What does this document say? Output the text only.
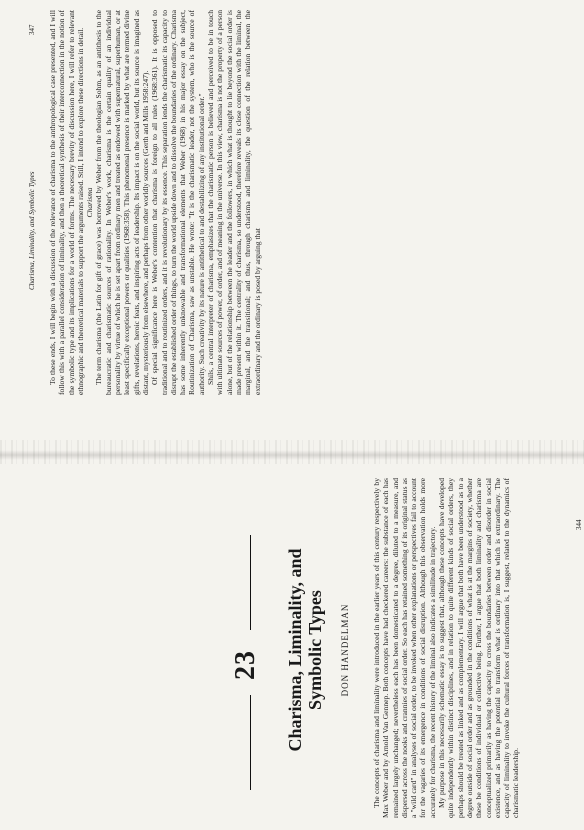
Charisma, Liminality, and Symbolic Types
347 To these ends, I will begin with a discussion of the relevance of charisma to the anthropological case presented, and I will follow this with a parallel consideration of liminality, and then a theoretical synthesis of their interconnection in the notion of the symbolic type and its implications for a world of forms. The necessary brevity of discussion here, I will refer to relevant ethnographic and theoretical materials to support the arguments raised. Still, I intend to explore these directions in detail. Charisma The term charisma (the Latin for gift of grace) was borrowed by Weber from the theologian Sohm, as an antithesis to the bureaucratic and charismatic sources of rationality. In Weber's work, charisma is the certain quality of an individual personality by virtue of which he is set apart from ordinary men and treated as endowed with supernatural, superhuman, or at least specifically exceptional powers or qualities (1968:358). This phenomenal presence is marked by what are termed divine gifts, revelations, heroic feats, and inspiring acts of leadership. Its impact is on the social world, but its source is imagined as distant, mysteriously from elsewhere, and perhaps from other worldly sources (Gerth and Mills 1958:247). Of special significance here is Weber's contention that charisma is foreign to all rules (1968:361). It is opposed to traditional and to routinized orders, and it is revolutionary by its essence. This separation lends the charismatic its capacity to disrupt the established order of things, to turn the world upside down and to dissolve the boundaries of the ordinary. Charisma has some inherently unknowable and transformational elements that Weber (1968) in his major essay on the subject, Routinization of Charisma, saw as unstable. He wrote: "It is the charismatic leader, not the system, who is the source of authority. Such creativity by its nature is antithetical to and destabilizing of any institutional order." Shils, a central interpreter of charisma, emphasizes that the charismatic person is believed and perceived to be in touch with ultimate sources of power, of order, and of meaning in the universe. In this view, charisma is not the property of a person alone, but of the relationship between the leader and the followers, in which what is thought to lie beyond the social order is made present within it. The centrality of charisma, so understood, therefore reveals its close connection with the liminal, the marginal, and the transitional; and thus, through charisma and liminality, the question of the relation between the extraordinary and the ordinary is posed by arguing that

23 Charisma, Liminality, and Symbolic Types DON HANDELMAN	The concepts of charisma and liminality were introduced in the earlier years of this century respectively by Max Weber and by Arnold Van Gennep. Both concepts have had checkered careers: the substance of each has remained largely unchanged; nevertheless each has been domesticated to a degree, diluted to a measure, and dispersed across the nooks and crannies of social order. So each has retained something of its original status as a "wild card" in analyses of social order, to be invoked when other explanations or perspectives fail to account for the vagaries of its emergence in conditions of social disruption. Although this observation holds more accurately for charisma, the recent history of the liminal also indicates a similitude in trajectory. My purpose in this necessarily schematic essay is to suggest that, although these concepts have developed quite independently within distinct disciplines, and in relation to quite different kinds of social orders, they perhaps should be treated as linked and as complementary. I will argue that both have been understood as to a degree outside of social order and as grounded in the conditions of what is at the margins of society, whether these be conditions of individual or collective being. Further, I argue that both liminality and charisma are conceptualized primarily as having the capacity to cross the boundaries between order and disorder in social existence, and as having the potential to transform what is ordinary into that which is extraordinary. The capacity of liminality to invoke the cultural forces of transformation is, I suggest, related to the dynamics of charismatic leadership.

344
